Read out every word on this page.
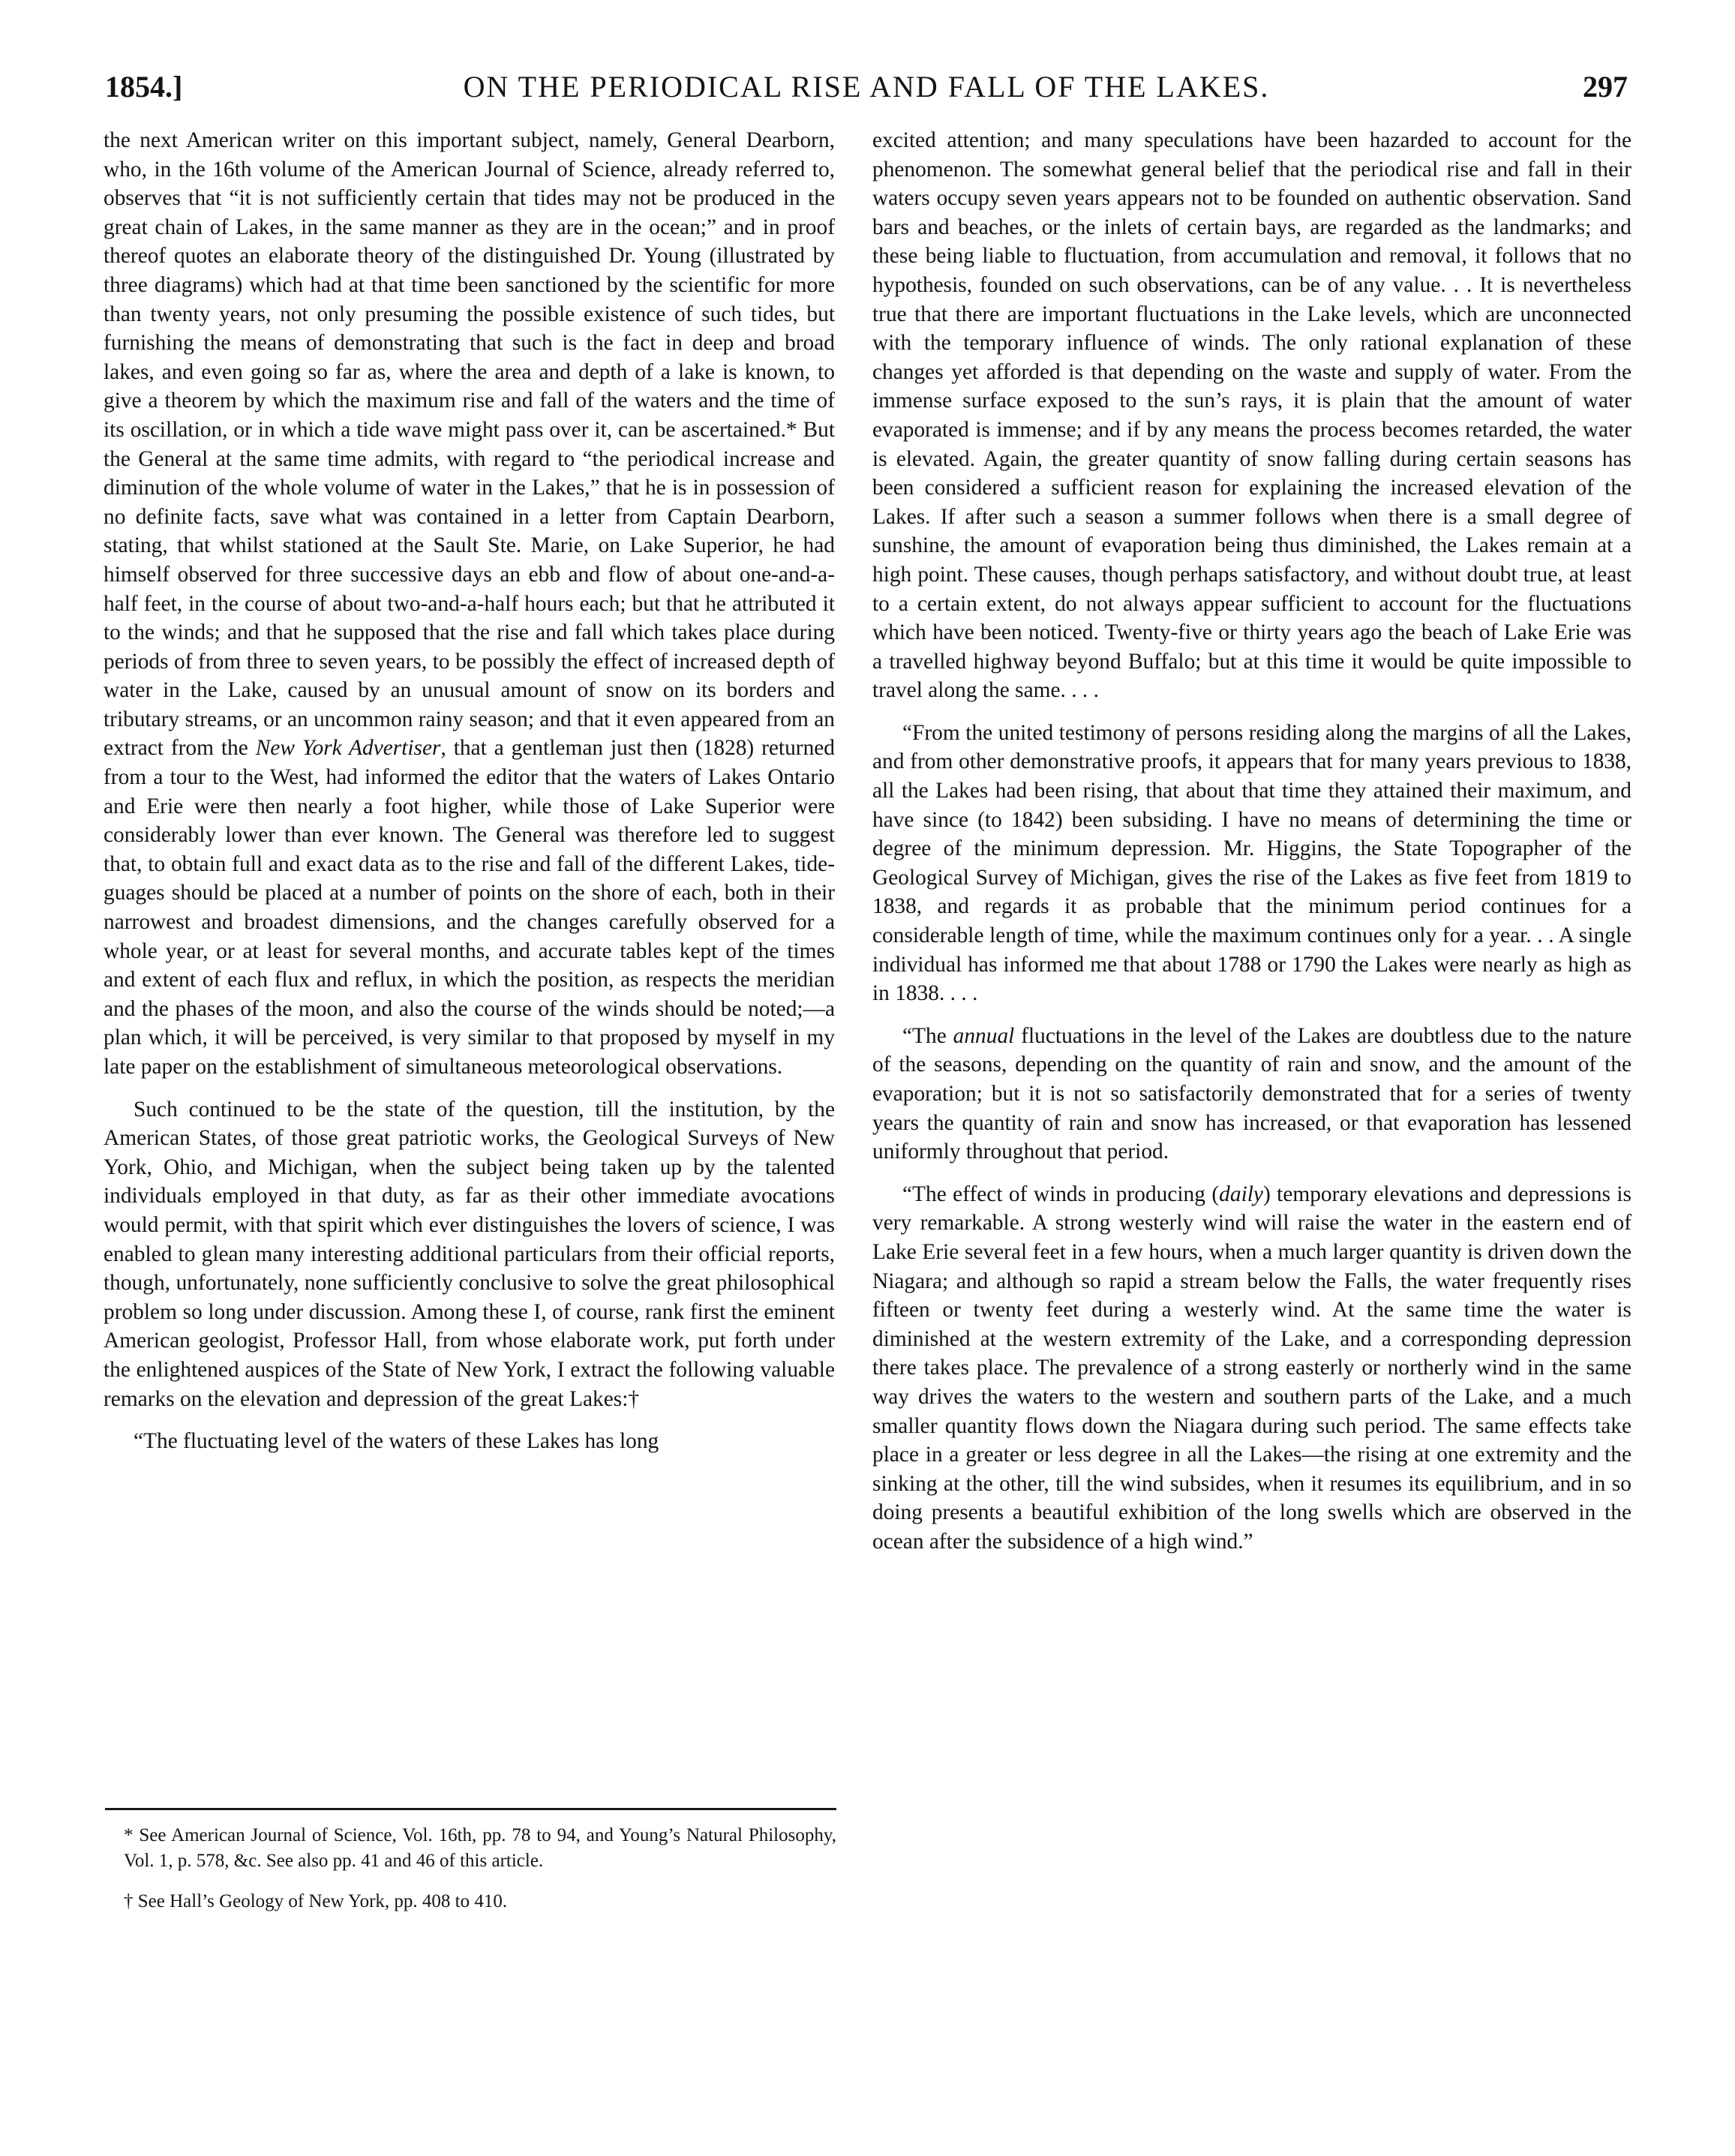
1854.]	ON THE PERIODICAL RISE AND FALL OF THE LAKES.	297

the next American writer on this important subject, namely, General Dearborn, who, in the 16th volume of the American Journal of Science, already referred to, observes that “it is not sufficiently certain that tides may not be produced in the great chain of Lakes, in the same manner as they are in the ocean;” and in proof thereof quotes an elaborate theory of the distinguished Dr. Young (illustrated by three diagrams) which had at that time been sanctioned by the scientific for more than twenty years, not only presuming the possible existence of such tides, but furnishing the means of demonstrating that such is the fact in deep and broad lakes, and even going so far as, where the area and depth of a lake is known, to give a theorem by which the maximum rise and fall of the waters and the time of its oscillation, or in which a tide wave might pass over it, can be ascertained.* But the General at the same time admits, with regard to “the periodical increase and diminution of the whole volume of water in the Lakes,” that he is in possession of no definite facts, save what was contained in a letter from Captain Dearborn, stating, that whilst stationed at the Sault Ste. Marie, on Lake Superior, he had himself observed for three successive days an ebb and flow of about one-and-a-half feet, in the course of about two-and-a-half hours each; but that he attributed it to the winds; and that he supposed that the rise and fall which takes place during periods of from three to seven years, to be possibly the effect of increased depth of water in the Lake, caused by an unusual amount of snow on its borders and tributary streams, or an uncommon rainy season; and that it even appeared from an extract from the New York Advertiser, that a gentleman just then (1828) returned from a tour to the West, had informed the editor that the waters of Lakes Ontario and Erie were then nearly a foot higher, while those of Lake Superior were considerably lower than ever known. The General was therefore led to suggest that, to obtain full and exact data as to the rise and fall of the different Lakes, tide-guages should be placed at a number of points on the shore of each, both in their narrowest and broadest dimensions, and the changes carefully observed for a whole year, or at least for several months, and accurate tables kept of the times and extent of each flux and reflux, in which the position, as respects the meridian and the phases of the moon, and also the course of the winds should be noted;—a plan which, it will be perceived, is very similar to that proposed by myself in my late paper on the establishment of simultaneous meteorological observations.

Such continued to be the state of the question, till the institution, by the American States, of those great patriotic works, the Geological Surveys of New York, Ohio, and Michigan, when the subject being taken up by the talented individuals employed in that duty, as far as their other immediate avocations would permit, with that spirit which ever distinguishes the lovers of science, I was enabled to glean many interesting additional particulars from their official reports, though, unfortunately, none sufficiently conclusive to solve the great philosophical problem so long under discussion. Among these I, of course, rank first the eminent American geologist, Professor Hall, from whose elaborate work, put forth under the enlightened auspices of the State of New York, I extract the following valuable remarks on the elevation and depression of the great Lakes:†

“The fluctuating level of the waters of these Lakes has long

excited attention; and many speculations have been hazarded to account for the phenomenon. The somewhat general belief that the periodical rise and fall in their waters occupy seven years appears not to be founded on authentic observation. Sand bars and beaches, or the inlets of certain bays, are regarded as the landmarks; and these being liable to fluctuation, from accumulation and removal, it follows that no hypothesis, founded on such observations, can be of any value. . . It is nevertheless true that there are important fluctuations in the Lake levels, which are unconnected with the temporary influence of winds. The only rational explanation of these changes yet afforded is that depending on the waste and supply of water. From the immense surface exposed to the sun’s rays, it is plain that the amount of water evaporated is immense; and if by any means the process becomes retarded, the water is elevated. Again, the greater quantity of snow falling during certain seasons has been considered a sufficient reason for explaining the increased elevation of the Lakes. If after such a season a summer follows when there is a small degree of sunshine, the amount of evaporation being thus diminished, the Lakes remain at a high point. These causes, though perhaps satisfactory, and without doubt true, at least to a certain extent, do not always appear sufficient to account for the fluctuations which have been noticed. Twenty-five or thirty years ago the beach of Lake Erie was a travelled highway beyond Buffalo; but at this time it would be quite impossible to travel along the same. . . .

“From the united testimony of persons residing along the margins of all the Lakes, and from other demonstrative proofs, it appears that for many years previous to 1838, all the Lakes had been rising, that about that time they attained their maximum, and have since (to 1842) been subsiding. I have no means of determining the time or degree of the minimum depression. Mr. Higgins, the State Topographer of the Geological Survey of Michigan, gives the rise of the Lakes as five feet from 1819 to 1838, and regards it as probable that the minimum period continues for a considerable length of time, while the maximum continues only for a year. . . A single individual has informed me that about 1788 or 1790 the Lakes were nearly as high as in 1838. . . .

“The annual fluctuations in the level of the Lakes are doubtless due to the nature of the seasons, depending on the quantity of rain and snow, and the amount of the evaporation; but it is not so satisfactorily demonstrated that for a series of twenty years the quantity of rain and snow has increased, or that evaporation has lessened uniformly throughout that period.

“The effect of winds in producing (daily) temporary elevations and depressions is very remarkable. A strong westerly wind will raise the water in the eastern end of Lake Erie several feet in a few hours, when a much larger quantity is driven down the Niagara; and although so rapid a stream below the Falls, the water frequently rises fifteen or twenty feet during a westerly wind. At the same time the water is diminished at the western extremity of the Lake, and a corresponding depression there takes place. The prevalence of a strong easterly or northerly wind in the same way drives the waters to the western and southern parts of the Lake, and a much smaller quantity flows down the Niagara during such period. The same effects take place in a greater or less degree in all the Lakes—the rising at one extremity and the sinking at the other, till the wind subsides, when it resumes its equilibrium, and in so doing presents a beautiful exhibition of the long swells which are observed in the ocean after the subsidence of a high wind.”

* See American Journal of Science, Vol. 16th, pp. 78 to 94, and Young’s Natural Philosophy, Vol. 1, p. 578, &c. See also pp. 41 and 46 of this article.

† See Hall’s Geology of New York, pp. 408 to 410.
